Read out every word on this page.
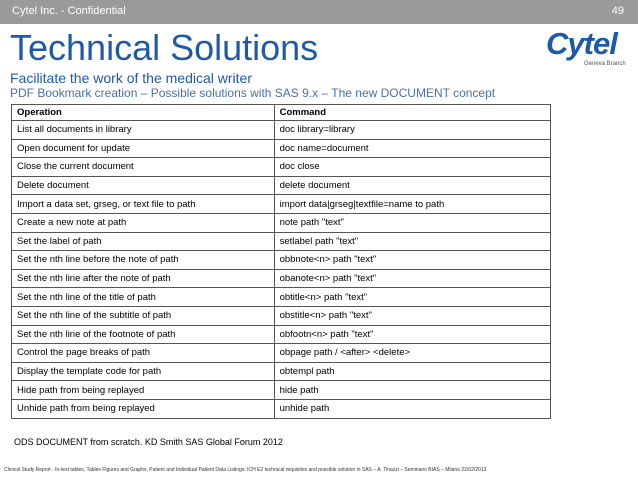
Cytel Inc. - Confidential	49
Technical Solutions	Cytel
Geneva Branch
Facilitate the work of the medical writer
PDF Bookmark creation – Possible solutions with SAS 9.x – The new DOCUMENT concept
Operation	Command
List all documents in library	doc library=library
Open document for update	doc name=document
Close the current document	doc close
Delete document	delete document
Import a data set, grseg, or text file to path	import data|grseg|textfile=name to path
Create a new note at path	note path "text"
Set the label of path	setlabel path "text"
Set the nth line before the note of path	obbnote<n> path "text"
Set the nth line after the note of path	obanote<n> path "text"
Set the nth line of the title of path	obtitle<n> path "text"
Set the nth line of the subtitle of path	obstitle<n> path "text"
Set the nth line of the footnote of path	obfootn<n> path "text"
Control the page breaks of path	obpage path / <after> <delete>
Display the template code for path	obtempl path
Hide path from being replayed	hide path
Unhide path from being replayed	unhide path
ODS DOCUMENT from scratch. KD Smith SAS Global Forum 2012
Clinical Study Report - In-text tables, Tables Figures and Graphs, Patient and Individual Patient Data Listings: ICH E3 technical requisites and possible solution in SAS – A. Tinazzi – Seminario BIAS – Milano 22/02/2013
